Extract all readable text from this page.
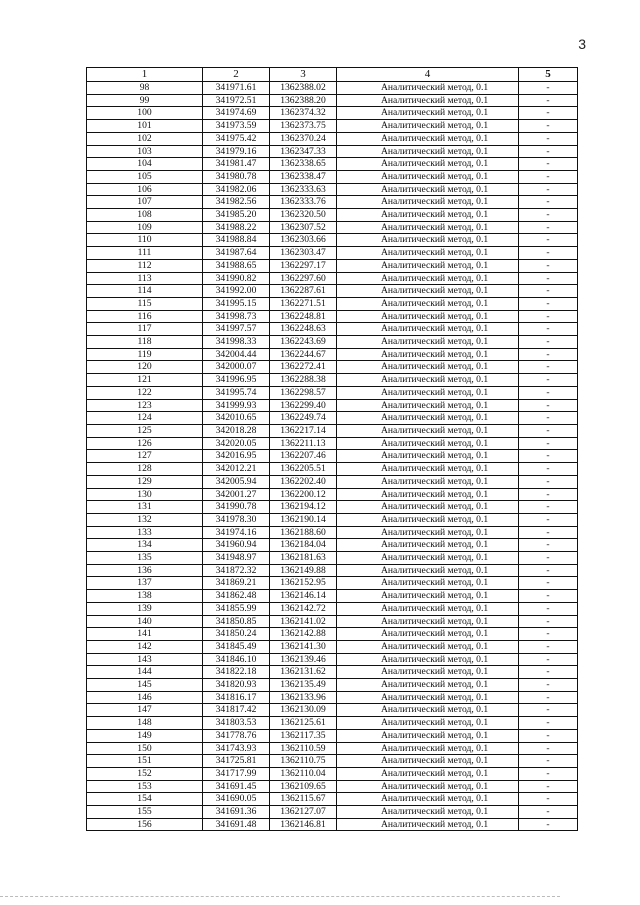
3
1	2	3	4	5
98	341971.61	1362388.02	Аналитический метод, 0.1	-
99	341972.51	1362388.20	Аналитический метод, 0.1	-
100	341974.69	1362374.32	Аналитический метод, 0.1	-
101	341973.59	1362373.75	Аналитический метод, 0.1	-
102	341975.42	1362370.24	Аналитический метод, 0.1	-
103	341979.16	1362347.33	Аналитический метод, 0.1	-
104	341981.47	1362338.65	Аналитический метод, 0.1	-
105	341980.78	1362338.47	Аналитический метод, 0.1	-
106	341982.06	1362333.63	Аналитический метод, 0.1	-
107	341982.56	1362333.76	Аналитический метод, 0.1	-
108	341985.20	1362320.50	Аналитический метод, 0.1	-
109	341988.22	1362307.52	Аналитический метод, 0.1	-
110	341988.84	1362303.66	Аналитический метод, 0.1	-
111	341987.64	1362303.47	Аналитический метод, 0.1	-
112	341988.65	1362297.17	Аналитический метод, 0.1	-
113	341990.82	1362297.60	Аналитический метод, 0.1	-
114	341992.00	1362287.61	Аналитический метод, 0.1	-
115	341995.15	1362271.51	Аналитический метод, 0.1	-
116	341998.73	1362248.81	Аналитический метод, 0.1	-
117	341997.57	1362248.63	Аналитический метод, 0.1	-
118	341998.33	1362243.69	Аналитический метод, 0.1	-
119	342004.44	1362244.67	Аналитический метод, 0.1	-
120	342000.07	1362272.41	Аналитический метод, 0.1	-
121	341996.95	1362288.38	Аналитический метод, 0.1	-
122	341995.74	1362298.57	Аналитический метод, 0.1	-
123	341999.93	1362299.40	Аналитический метод, 0.1	-
124	342010.65	1362249.74	Аналитический метод, 0.1	-
125	342018.28	1362217.14	Аналитический метод, 0.1	-
126	342020.05	1362211.13	Аналитический метод, 0.1	-
127	342016.95	1362207.46	Аналитический метод, 0.1	-
128	342012.21	1362205.51	Аналитический метод, 0.1	-
129	342005.94	1362202.40	Аналитический метод, 0.1	-
130	342001.27	1362200.12	Аналитический метод, 0.1	-
131	341990.78	1362194.12	Аналитический метод, 0.1	-
132	341978.30	1362190.14	Аналитический метод, 0.1	-
133	341974.16	1362188.60	Аналитический метод, 0.1	-
134	341960.94	1362184.04	Аналитический метод, 0.1	-
135	341948.97	1362181.63	Аналитический метод, 0.1	-
136	341872.32	1362149.88	Аналитический метод, 0.1	-
137	341869.21	1362152.95	Аналитический метод, 0.1	-
138	341862.48	1362146.14	Аналитический метод, 0.1	-
139	341855.99	1362142.72	Аналитический метод, 0.1	-
140	341850.85	1362141.02	Аналитический метод, 0.1	-
141	341850.24	1362142.88	Аналитический метод, 0.1	-
142	341845.49	1362141.30	Аналитический метод, 0.1	-
143	341846.10	1362139.46	Аналитический метод, 0.1	-
144	341822.18	1362131.62	Аналитический метод, 0.1	-
145	341820.93	1362135.49	Аналитический метод, 0.1	-
146	341816.17	1362133.96	Аналитический метод, 0.1	-
147	341817.42	1362130.09	Аналитический метод, 0.1	-
148	341803.53	1362125.61	Аналитический метод, 0.1	-
149	341778.76	1362117.35	Аналитический метод, 0.1	-
150	341743.93	1362110.59	Аналитический метод, 0.1	-
151	341725.81	1362110.75	Аналитический метод, 0.1	-
152	341717.99	1362110.04	Аналитический метод, 0.1	-
153	341691.45	1362109.65	Аналитический метод, 0.1	-
154	341690.05	1362115.67	Аналитический метод, 0.1	-
155	341691.36	1362127.07	Аналитический метод, 0.1	-
156	341691.48	1362146.81	Аналитический метод, 0.1	-
